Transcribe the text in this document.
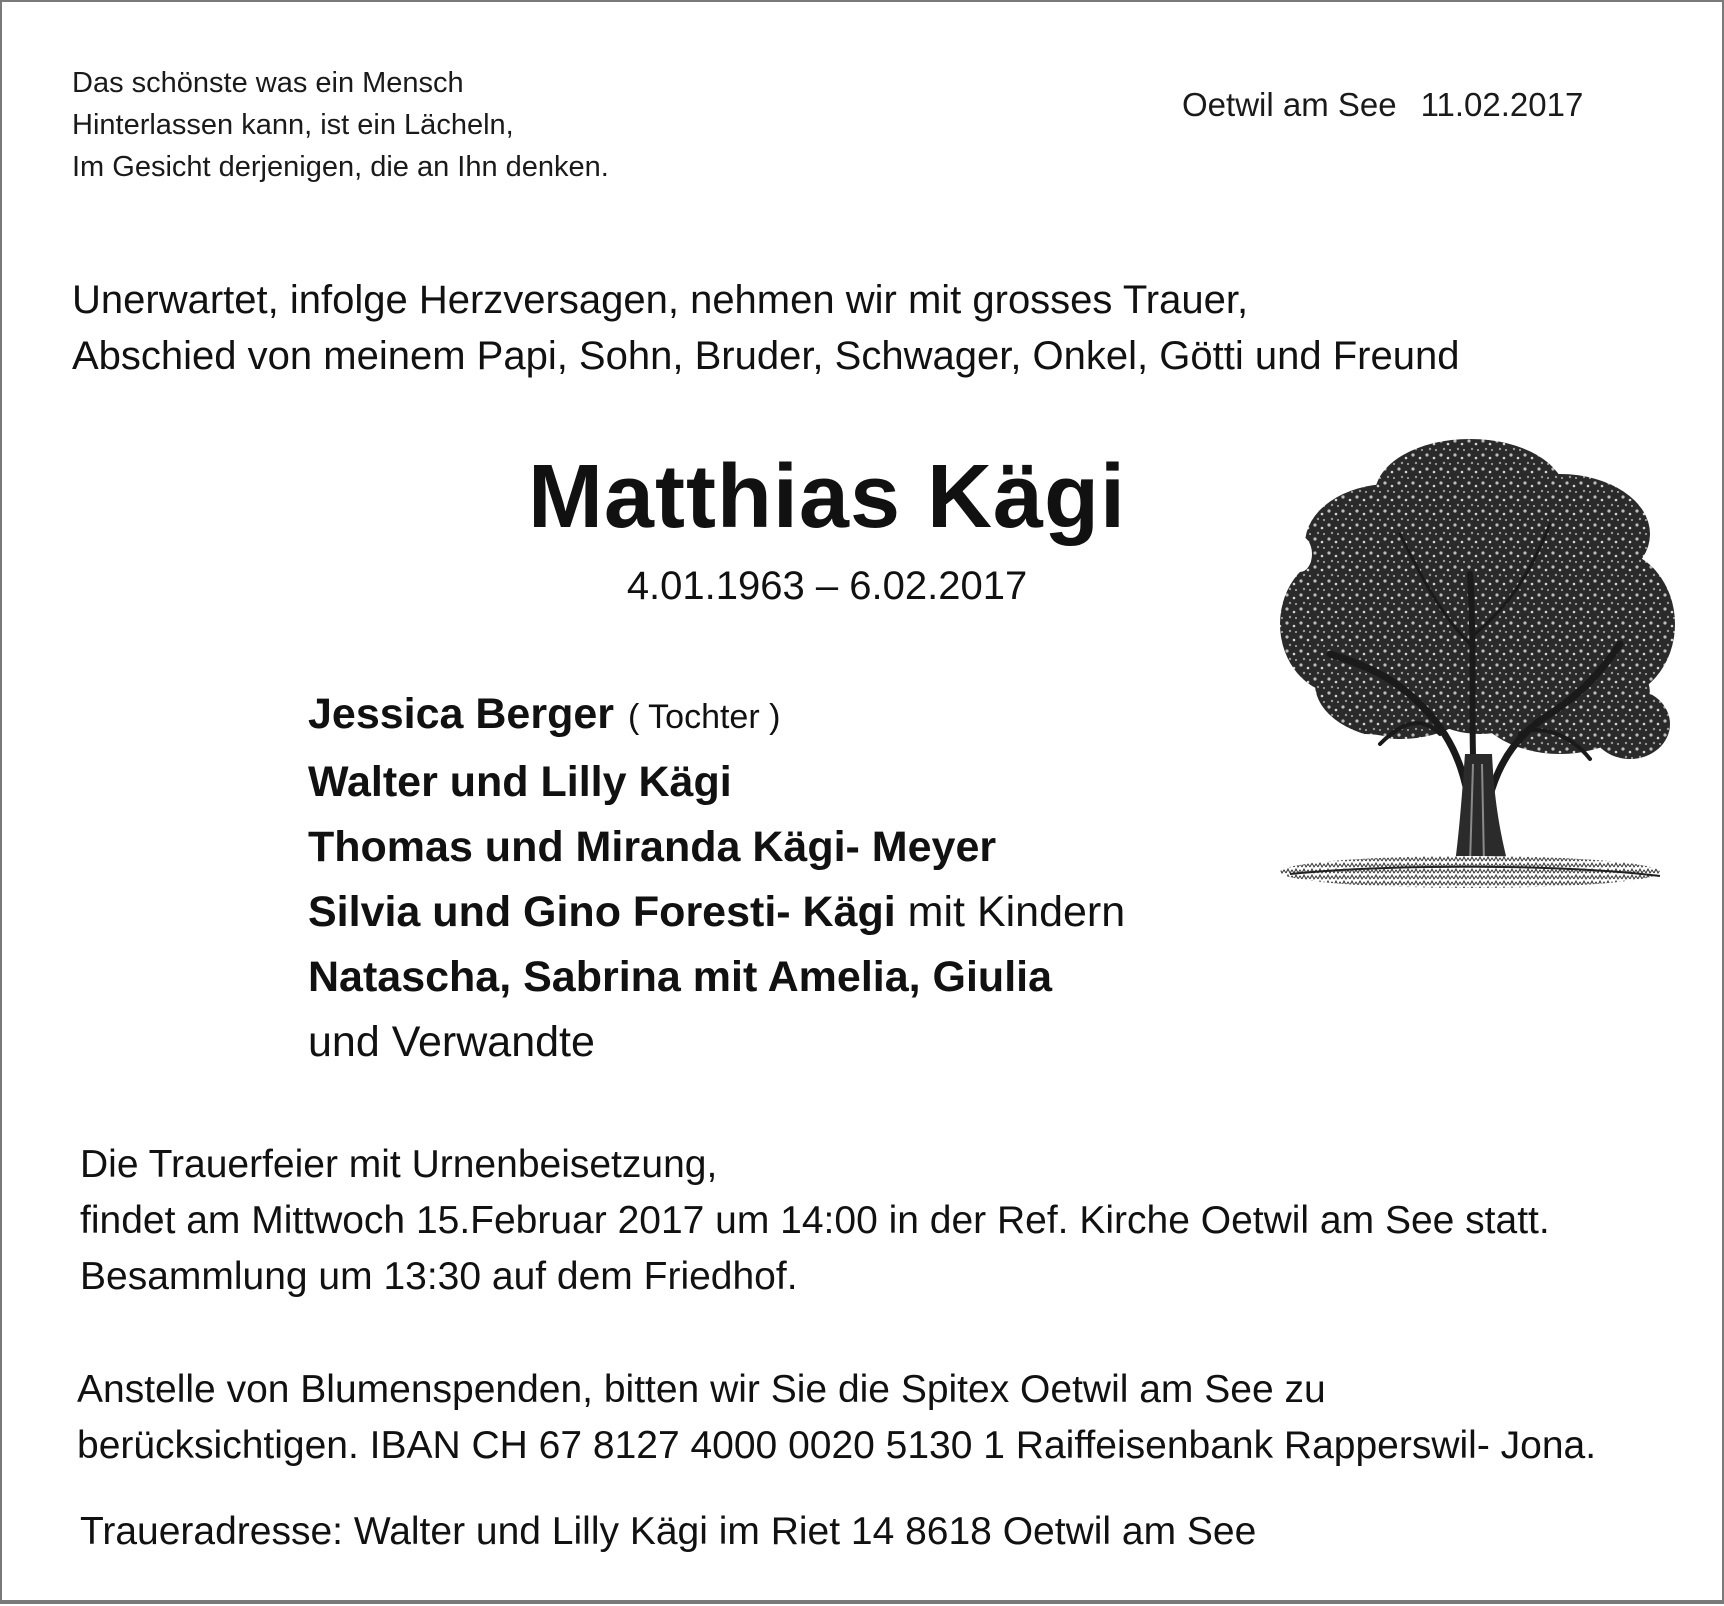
Das schönste was ein Mensch
Hinterlassen kann, ist ein Lächeln,
Im Gesicht derjenigen, die an Ihn denken.
Oetwil am See 11.02.2017
Unerwartet, infolge Herzversagen, nehmen wir mit grosses Trauer,
Abschied von meinem Papi, Sohn, Bruder, Schwager, Onkel, Götti und Freund
Matthias Kägi
4.01.1963 – 6.02.2017
Jessica Berger ( Tochter )
Walter und Lilly Kägi
Thomas und Miranda Kägi- Meyer
Silvia und Gino Foresti- Kägi mit Kindern
Natascha, Sabrina mit Amelia, Giulia
und Verwandte
Die Trauerfeier mit Urnenbeisetzung,
findet am Mittwoch 15.Februar 2017 um 14:00 in der Ref. Kirche Oetwil am See statt.
Besammlung um 13:30 auf dem Friedhof.
Anstelle von Blumenspenden, bitten wir Sie die Spitex Oetwil am See zu
berücksichtigen. IBAN CH 67 8127 4000 0020 5130 1 Raiffeisenbank Rapperswil- Jona.
Traueradresse: Walter und Lilly Kägi im Riet 14 8618 Oetwil am See
